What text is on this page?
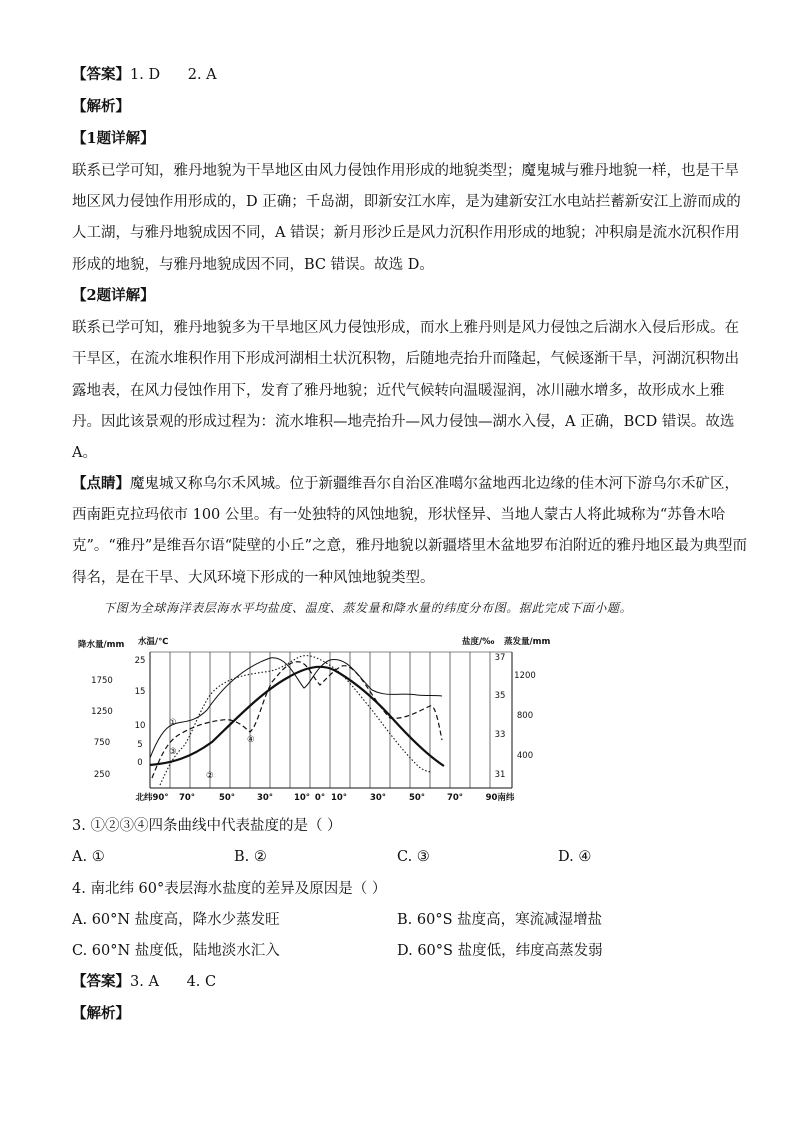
【答案】1. D      2. A
【解析】
【1题详解】
联系已学可知，雅丹地貌为干旱地区由风力侵蚀作用形成的地貌类型；魔鬼城与雅丹地貌一样，也是干旱
地区风力侵蚀作用形成的，D 正确；千岛湖，即新安江水库，是为建新安江水电站拦蓄新安江上游而成的
人工湖，与雅丹地貌成因不同，A 错误；新月形沙丘是风力沉积作用形成的地貌；冲积扇是流水沉积作用
形成的地貌，与雅丹地貌成因不同，BC 错误。故选 D。
【2题详解】
联系已学可知，雅丹地貌多为干旱地区风力侵蚀形成，而水上雅丹则是风力侵蚀之后湖水入侵后形成。在
干旱区，在流水堆积作用下形成河湖相土状沉积物，后随地壳抬升而隆起，气候逐渐干旱，河湖沉积物出
露地表，在风力侵蚀作用下，发育了雅丹地貌；近代气候转向温暖湿润，冰川融水增多，故形成水上雅
丹。因此该景观的形成过程为：流水堆积—地壳抬升—风力侵蚀—湖水入侵，A 正确，BCD 错误。故选
A。
【点睛】魔鬼城又称乌尔禾风城。位于新疆维吾尔自治区准噶尔盆地西北边缘的佳木河下游乌尔禾矿区，
西南距克拉玛依市 100 公里。有一处独特的风蚀地貌，形状怪异、当地人蒙古人将此城称为“苏鲁木哈
克”。“雅丹”是维吾尔语“陡壁的小丘”之意，雅丹地貌以新疆塔里木盆地罗布泊附近的雅丹地区最为典型而
得名，是在干旱、大风环境下形成的一种风蚀地貌类型。
下图为全球海洋表层海水平均盐度、温度、蒸发量和降水量的纬度分布图。据此完成下面小题。
降水量/mm 水温/℃
1750
1250
750
250
25
15
10
5
0
盐度/‰ 蒸发量/mm
37
35
33
31
1200
800
400
①
②
③
④
北纬90° 70°	50°	30° 10° 0° 10°	30°	50°	70°	90南纬
3. ①②③④四条曲线中代表盐度的是（ ）
A. ①	B. ②	C. ③	D. ④
4. 南北纬 60°表层海水盐度的差异及原因是（ ）
A. 60°N 盐度高，降水少蒸发旺	B. 60°S 盐度高，寒流减湿增盐
C. 60°N 盐度低，陆地淡水汇入	D. 60°S 盐度低，纬度高蒸发弱
【答案】3. A      4. C
【解析】
